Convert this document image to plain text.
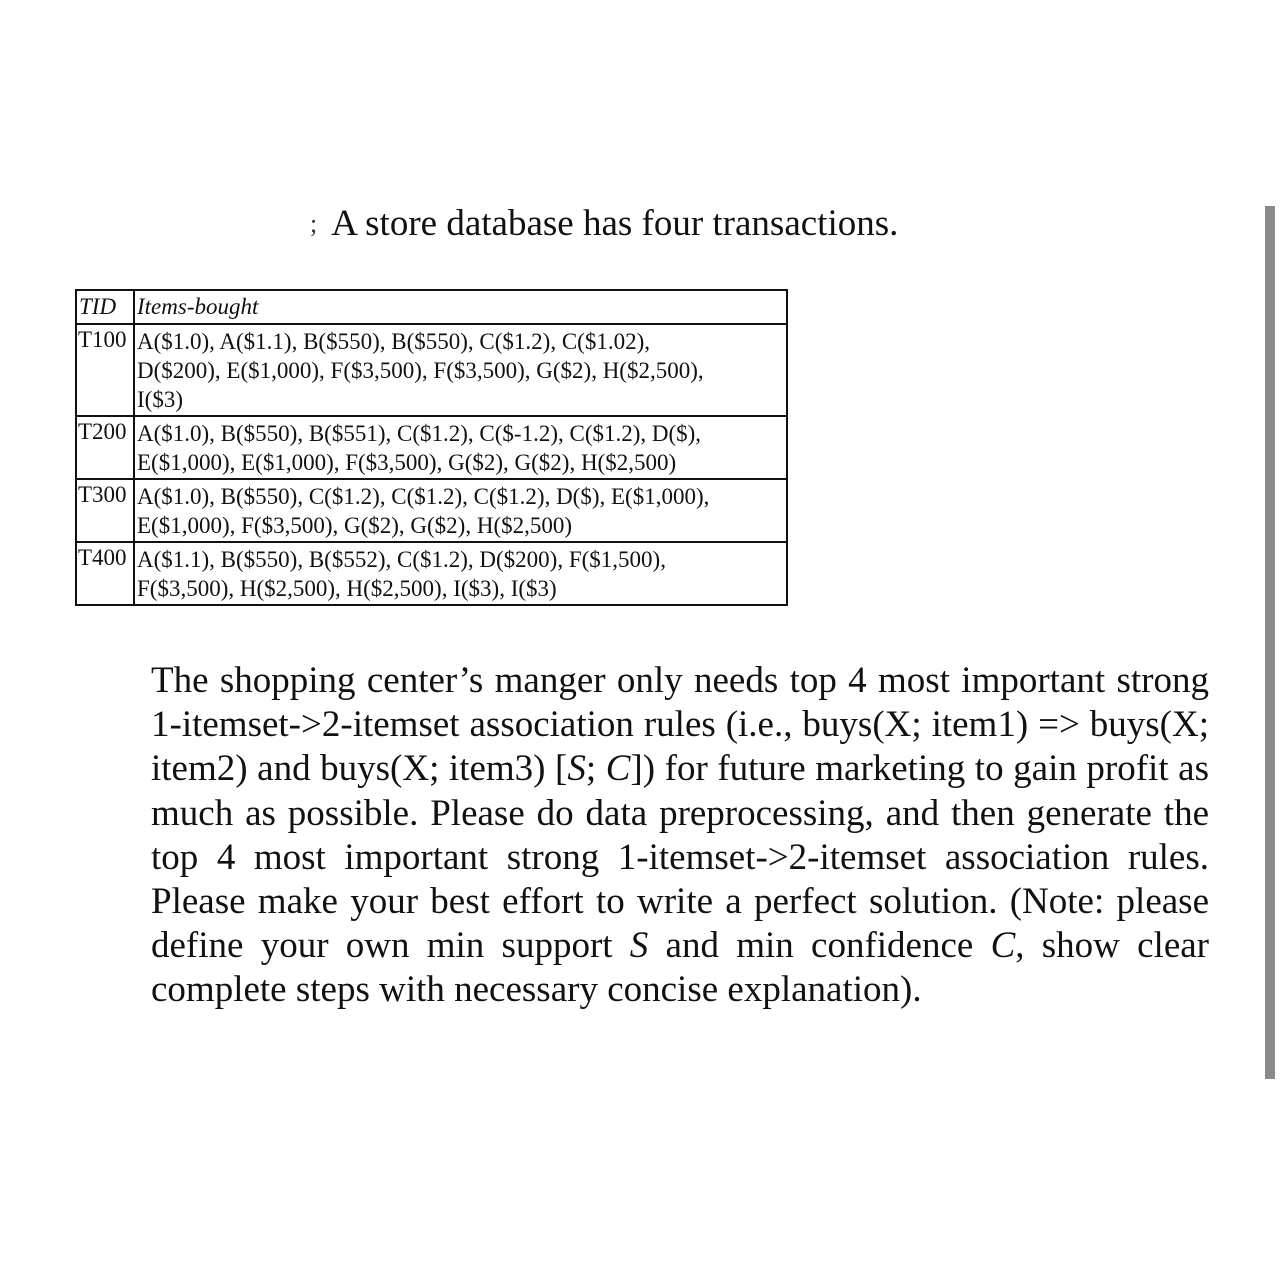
; A store database has four transactions.
TID	Items-bought
T100	A($1.0), A($1.1), B($550), B($550), C($1.2), C($1.02),
D($200), E($1,000), F($3,500), F($3,500), G($2), H($2,500),
I($3)

T200	A($1.0), B($550), B($551), C($1.2), C($-1.2), C($1.2), D($),
E($1,000), E($1,000), F($3,500), G($2), G($2), H($2,500)

T300	A($1.0), B($550), C($1.2), C($1.2), C($1.2), D($), E($1,000),
E($1,000), F($3,500), G($2), G($2), H($2,500)

T400	A($1.1), B($550), B($552), C($1.2), D($200), F($1,500),
F($3,500), H($2,500), H($2,500), I($3), I($3)

The shopping center’s manger only needs top 4 most important strong 1-itemset->2-itemset association rules (i.e., buys(X; item1) => buys(X; item2) and buys(X; item3) [S; C]) for future marketing to gain profit as much as possible. Please do data preprocessing, and then generate the top 4 most important strong 1-itemset->2-itemset association rules. Please make your best effort to write a perfect solution. (Note: please define your own min support S and min confidence C, show clear complete steps with necessary concise explanation).
